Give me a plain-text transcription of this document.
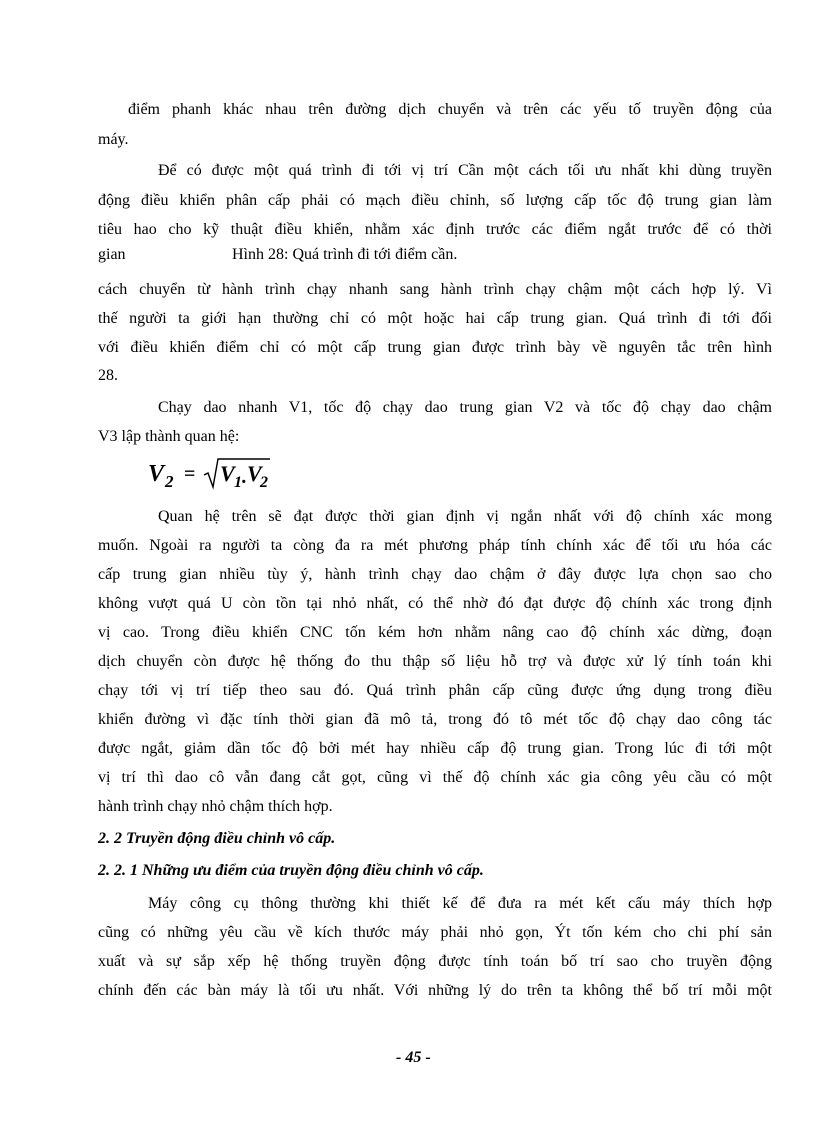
điểm phanh khác nhau trên đường dịch chuyển và trên các yếu tố truyền động của
máy.
Để có được một quá trình đi tới vị trí Cần một cách tối ưu nhất khi dùng truyền
động điều khiển phân cấp phải có mạch điều chỉnh, số lượng cấp tốc độ trung gian làm
tiêu hao cho kỹ thuật điều khiển, nhằm xác định trước các điểm ngắt trước để có thời
gian	Hình 28: Quá trình đi tới điểm cần.
cách chuyển từ hành trình chạy nhanh sang hành trình chạy chậm một cách hợp lý. Vì
thế người ta giới hạn thường chỉ có một hoặc hai cấp trung gian. Quá trình đi tới đối
với điều khiển điểm chỉ có một cấp trung gian được trình bày về nguyên tắc trên hình
28.
Chạy dao nhanh V1, tốc độ chạy dao trung gian V2 và tốc độ chạy dao chậm
V3 lập thành quan hệ:
V 2 = V 1 . V
2
Quan hệ trên sẽ đạt được thời gian định vị ngắn nhất với độ chính xác mong
muốn. Ngoài ra người ta còng đa ra mét phương pháp tính chính xác để tối ưu hóa các
cấp trung gian nhiều tùy ý, hành trình chạy dao chậm ở đây được lựa chọn sao cho
không vượt quá U còn tồn tại nhỏ nhất, có thể nhờ đó đạt được độ chính xác trong định
vị cao. Trong điều khiển CNC tốn kém hơn nhằm nâng cao độ chính xác dừng, đoạn
dịch chuyển còn được hệ thống đo thu thập số liệu hỗ trợ và được xử lý tính toán khi
chạy tới vị trí tiếp theo sau đó. Quá trình phân cấp cũng được ứng dụng trong điều
khiển đường vì đặc tính thời gian đã mô tả, trong đó tô mét tốc độ chạy dao công tác
được ngắt, giảm dần tốc độ bởi mét hay nhiều cấp độ trung gian. Trong lúc đi tới một
vị trí thì dao cô vẫn đang cắt gọt, cũng vì thế độ chính xác gia công yêu cầu có một
hành trình chạy nhỏ chậm thích hợp.
2. 2 Truyền động điều chỉnh vô cấp.
2. 2. 1 Những ưu điểm của truyền động điều chỉnh vô cấp.
Máy công cụ thông thường khi thiết kế để đưa ra mét kết cấu máy thích hợp
cũng có những yêu cầu về kích thước máy phải nhỏ gọn, Ýt tốn kém cho chi phí sản
xuất và sự sắp xếp hệ thống truyền động được tính toán bố trí sao cho truyền động
chính đến các bàn máy là tối ưu nhất. Với những lý do trên ta không thể bố trí mỗi một
- 45 -
